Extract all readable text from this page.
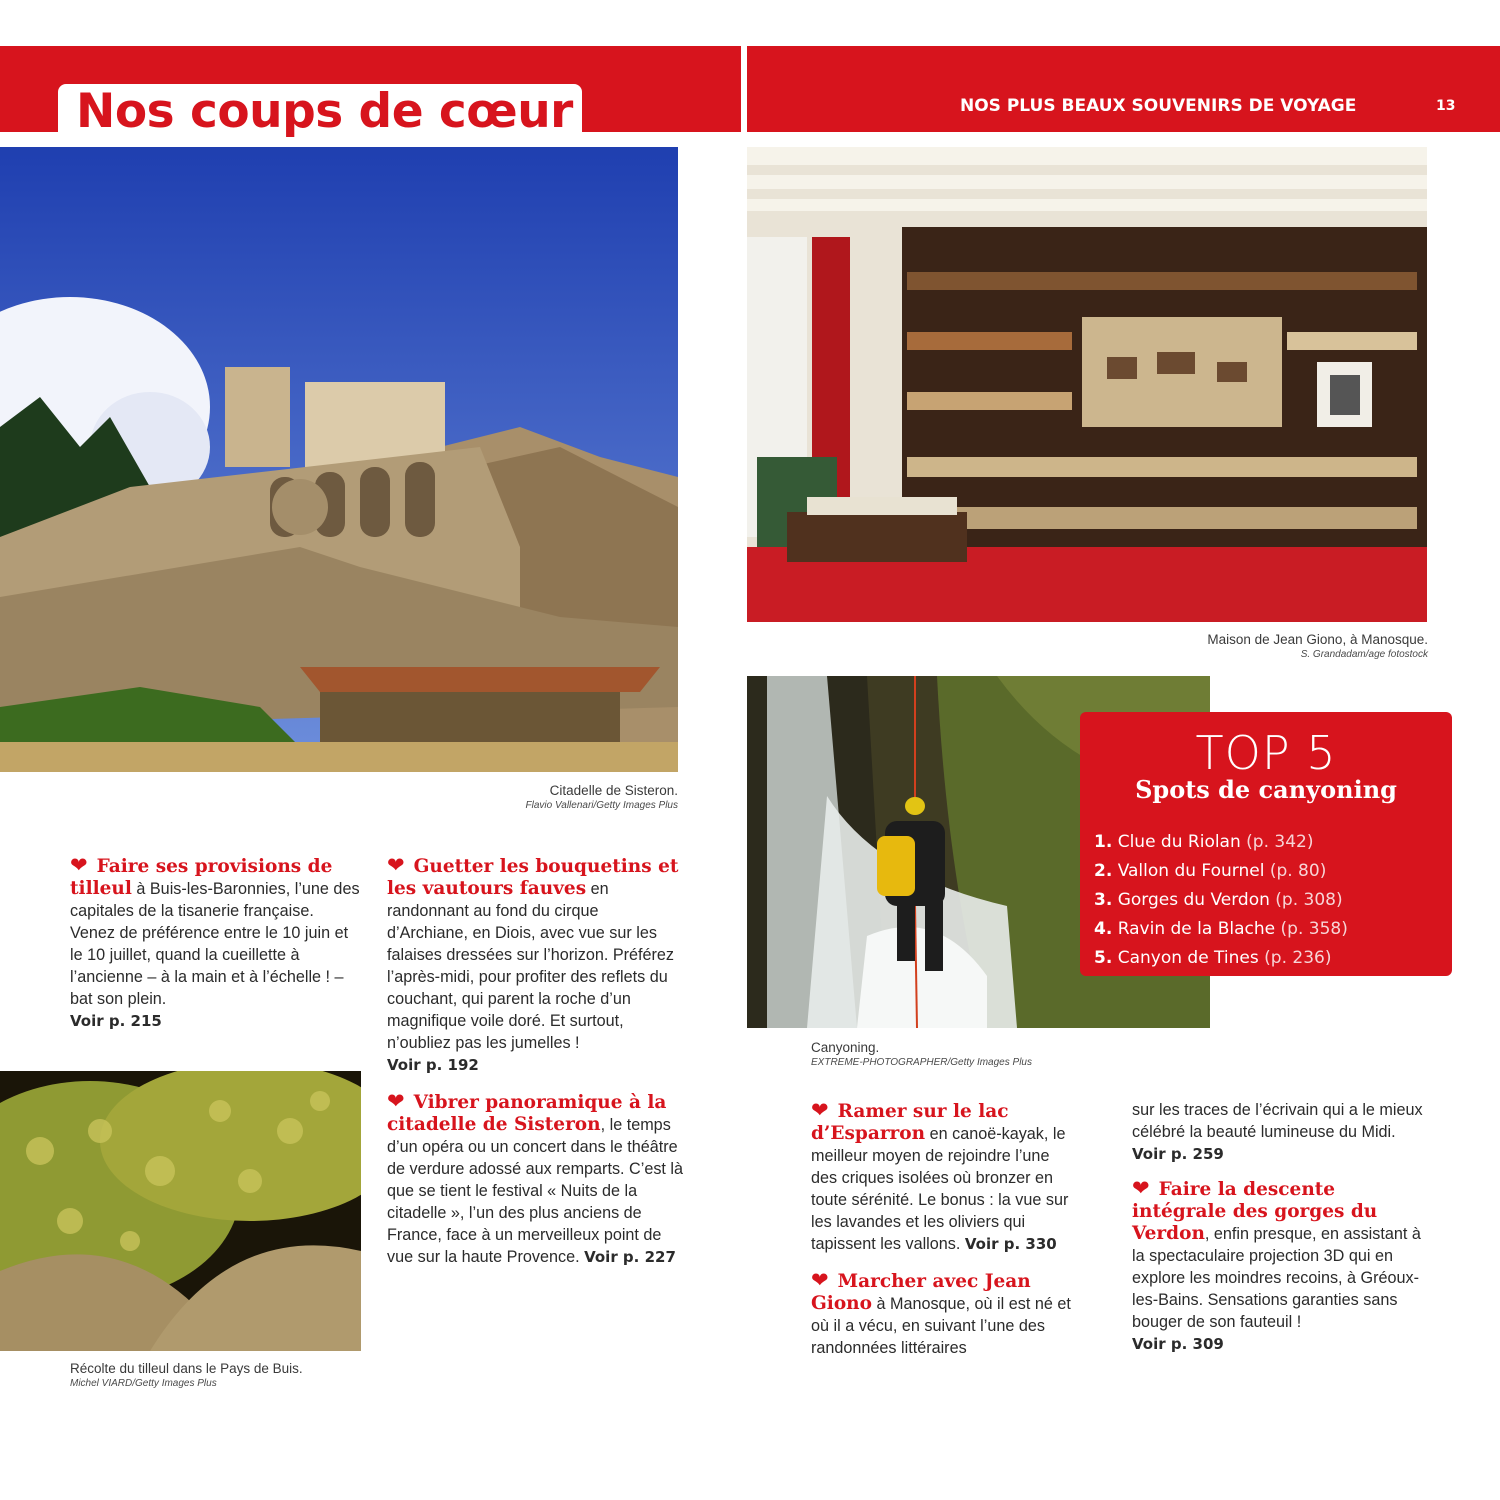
Nos coups de cœur	NOS PLUS BEAUX SOUVENIRS DE VOYAGE	13
Citadelle de Sisteron.
Flavio Vallenari/Getty Images Plus
Récolte du tilleul dans le Pays de Buis.
Michel VIARD/Getty Images Plus
Maison de Jean Giono, à Manosque.
S. Grandadam/age fotostock
Canyoning.
EXTREME-PHOTOGRAPHER/Getty Images Plus
TOP 5
Spots de canyoning
1. Clue du Riolan (p. 342)
2. Vallon du Fournel (p. 80)
3. Gorges du Verdon (p. 308)
4. Ravin de la Blache (p. 358)
5. Canyon de Tines (p. 236)

❤ Faire ses provisions de tilleul à Buis-les-Baronnies, l’une des capitales de la tisanerie française. Venez de préférence entre le 10 juin et le 10 juillet, quand la cueillette à l’ancienne – à la main et à l’échelle ! – bat son plein.
Voir p. 215

❤ Guetter les bouquetins et les vautours fauves en randonnant au fond du cirque d’Archiane, en Diois, avec vue sur les falaises dressées sur l’horizon. Préférez l’après-midi, pour profiter des reflets du couchant, qui parent la roche d’un magnifique voile doré. Et surtout, n’oubliez pas les jumelles !
Voir p. 192

❤ Vibrer panoramique à la citadelle de Sisteron, le temps d’un opéra ou un concert dans le théâtre de verdure adossé aux remparts. C’est là que se tient le festival « Nuits de la citadelle », l’un des plus anciens de France, face à un merveilleux point de vue sur la haute Provence. Voir p. 227

❤ Ramer sur le lac d’Esparron en canoë-kayak, le meilleur moyen de rejoindre l’une des criques isolées où bronzer en toute sérénité. Le bonus : la vue sur les lavandes et les oliviers qui tapissent les vallons. Voir p. 330

❤ Marcher avec Jean Giono à Manosque, où il est né et où il a vécu, en suivant l’une des randonnées littéraires

sur les traces de l’écrivain qui a le mieux célébré la beauté lumineuse du Midi. Voir p. 259

❤ Faire la descente intégrale des gorges du Verdon, enfin presque, en assistant à la spectaculaire projection 3D qui en explore les moindres recoins, à Gréoux-les-Bains. Sensations garanties sans bouger de son fauteuil !
Voir p. 309
